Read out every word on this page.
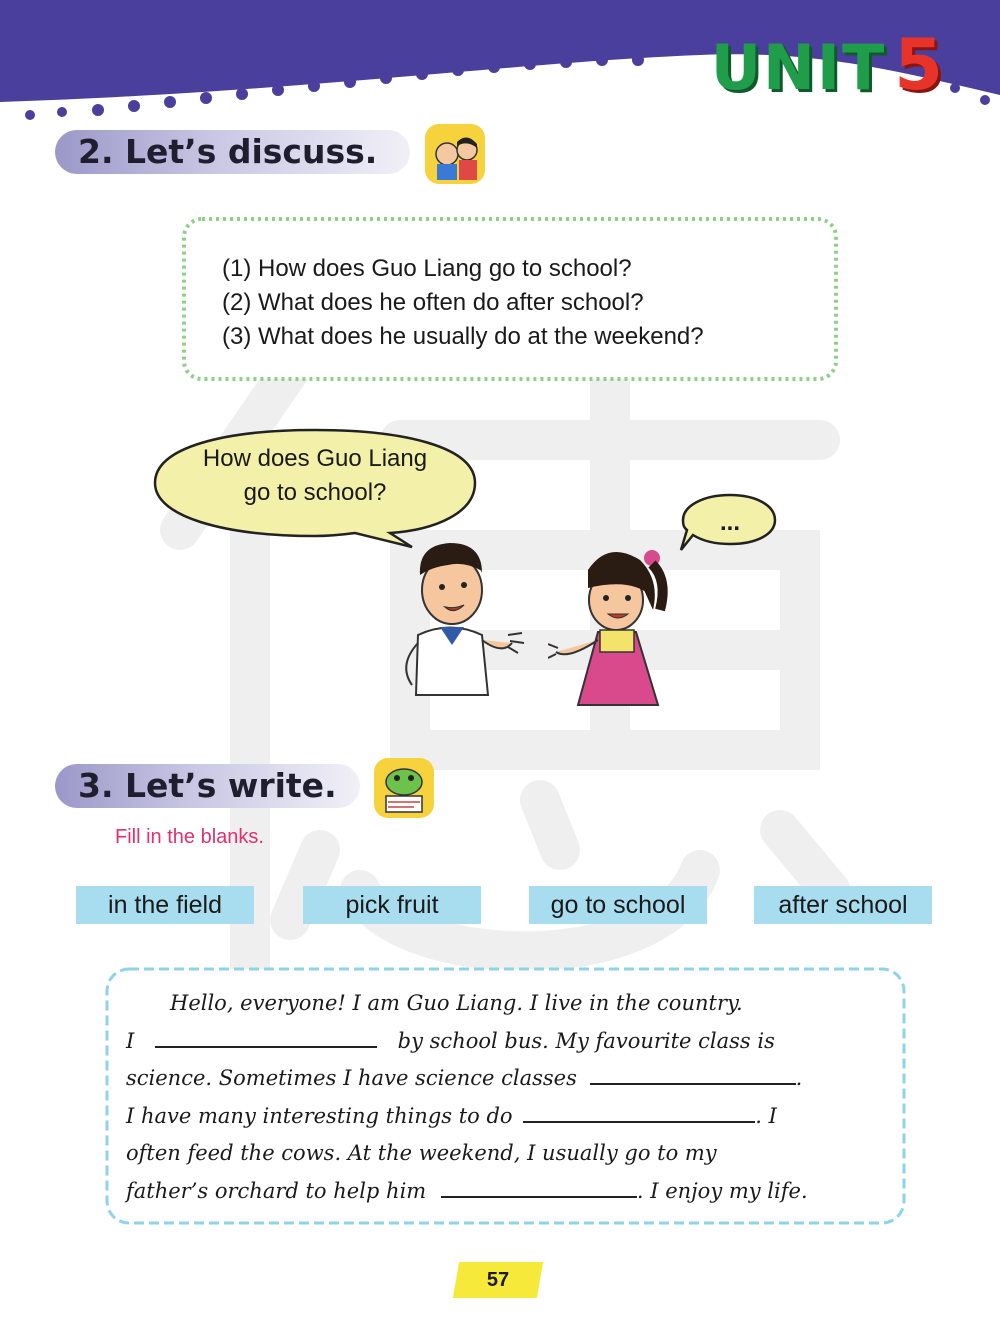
UNIT 5
2. Let’s discuss.
(1) How does Guo Liang go to school?
(2) What does he often do after school?
(3) What does he usually do at the weekend?
How does Guo Liang
go to school?
...
3. Let’s write.
Fill in the blanks.
in the field	pick fruit	go to school	after school
Hello, everyone! I am Guo Liang. I live in the country.
I	by school bus. My favourite class is
science. Sometimes I have science classes	.
I have many interesting things to do	. I
often feed the cows. At the weekend, I usually go to my
father’s orchard to help him	. I enjoy my life.
57
